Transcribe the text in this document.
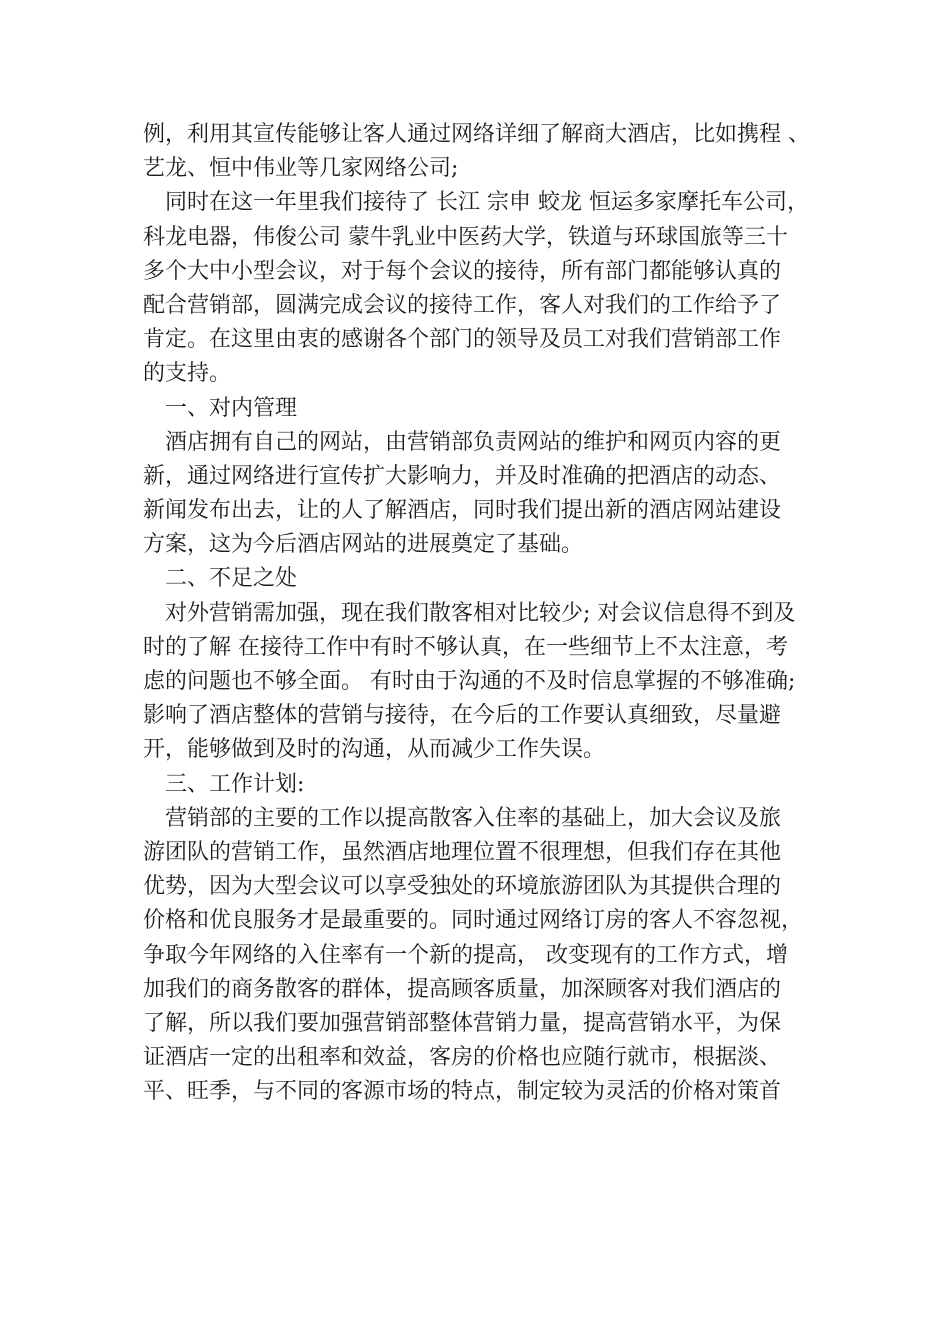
例，利用其宣传能够让客人通过网络详细了解商大酒店，比如携程 、
艺龙、恒中伟业等几家网络公司;
　同时在这一年里我们接待了 长江 宗申 蛟龙 恒运多家摩托车公司，
科龙电器，伟俊公司 蒙牛乳业中医药大学，铁道与环球国旅等三十
多个大中小型会议，对于每个会议的接待，所有部门都能够认真的
配合营销部，圆满完成会议的接待工作，客人对我们的工作给予了
肯定。在这里由衷的感谢各个部门的领导及员工对我们营销部工作
的支持。
一、对内管理
　酒店拥有自己的网站，由营销部负责网站的维护和网页内容的更
新，通过网络进行宣传扩大影响力，并及时准确的把酒店的动态、
新闻发布出去，让的人了解酒店，同时我们提出新的酒店网站建设
方案，这为今后酒店网站的进展奠定了基础。
二、不足之处
　对外营销需加强，现在我们散客相对比较少; 对会议信息得不到及
时的了解 在接待工作中有时不够认真，在一些细节上不太注意，考
虑的问题也不够全面。 有时由于沟通的不及时信息掌握的不够准确;
影响了酒店整体的营销与接待，在今后的工作要认真细致，尽量避
开，能够做到及时的沟通，从而减少工作失误。
三、工作计划:
　营销部的主要的工作以提高散客入住率的基础上，加大会议及旅
游团队的营销工作，虽然酒店地理位置不很理想，但我们存在其他
优势，因为大型会议可以享受独处的环境旅游团队为其提供合理的
价格和优良服务才是最重要的。同时通过网络订房的客人不容忽视，
争取今年网络的入住率有一个新的提高， 改变现有的工作方式，增
加我们的商务散客的群体，提高顾客质量，加深顾客对我们酒店的
了解，所以我们要加强营销部整体营销力量，提高营销水平，为保
证酒店一定的出租率和效益，客房的价格也应随行就市，根据淡、
平、旺季，与不同的客源市场的特点，制定较为灵活的价格对策首
